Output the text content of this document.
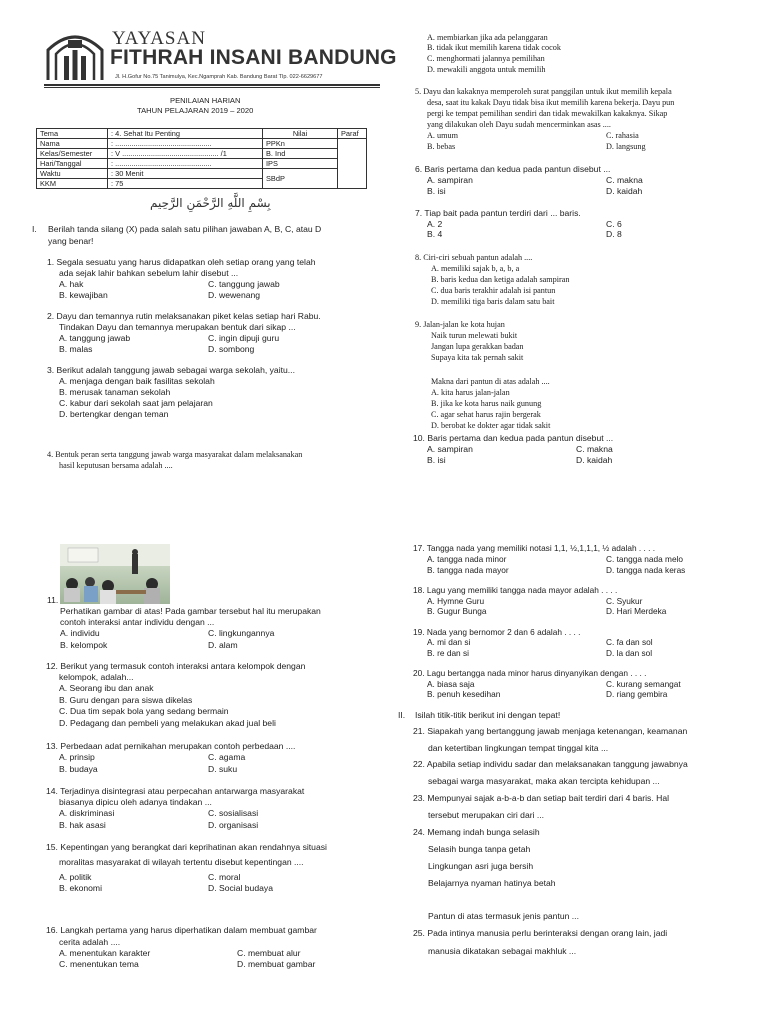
YAYASAN
FITHRAH INSANI BANDUNG
Jl. H.Gofur No.75 Tanimulya, Kec.Ngamprah Kab. Bandung Barat Tlp. 022-6629677
PENILAIAN HARIAN
TAHUN PELAJARAN 2019 – 2020
Tema	: 4. Sehat Itu Penting	Nilai	Paraf
Nama	: ...............................................	PPKn	
Kelas/Semester	: V ............................................... /1	B. Ind	
Hari/Tanggal	: ...............................................	IPS	
Waktu	: 30 Menit	SBdP	
KKM	: 75		
بِسْمِ اللَّهِ الرَّحْمَنِ الرَّحِيم
I. Berilah tanda silang (X) pada salah satu pilihan jawaban A, B, C, atau D
yang benar!
1. Segala sesuatu yang harus didapatkan oleh setiap orang yang telah
ada sejak lahir bahkan sebelum lahir disebut ...
A. hak
B. kewajiban
C. tanggung jawab
D. wewenang
2. Dayu dan temannya rutin melaksanakan piket kelas setiap hari Rabu.
Tindakan Dayu dan temannya merupakan bentuk dari sikap ...
A. tanggung jawab
B. malas
C. ingin dipuji guru
D. sombong
3. Berikut adalah tanggung jawab sebagai warga sekolah, yaitu...
A. menjaga dengan baik fasilitas sekolah
B. merusak tanaman sekolah
C. kabur dari sekolah saat jam pelajaran
D. bertengkar dengan teman
4. Bentuk peran serta tanggung jawab warga masyarakat dalam melaksanakan
hasil keputusan bersama adalah ....
A. membiarkan jika ada pelanggaran
B. tidak ikut memilih karena tidak cocok
C. menghormati jalannya pemilihan
D. mewakili anggota untuk memilih
5. Dayu dan kakaknya memperoleh surat panggilan untuk ikut memilih kepala
desa, saat itu kakak Dayu tidak bisa ikut memilih karena bekerja. Dayu pun
pergi ke tempat pemilihan sendiri dan tidak mewakilkan kakaknya. Sikap
yang dilakukan oleh Dayu sudah mencerminkan asas ....
A. umum
B. bebas
C. rahasia
D. langsung
6. Baris pertama dan kedua pada pantun disebut ...
A. sampiran
B. isi
C. makna
D. kaidah
7. Tiap bait pada pantun terdiri dari ... baris.
A. 2
B. 4
C. 6
D. 8
8. Ciri-ciri sebuah pantun adalah ....
A. memiliki sajak b, a, b, a
B. baris kedua dan ketiga adalah sampiran
C. dua baris terakhir adalah isi pantun
D. memiliki tiga baris dalam satu bait
9. Jalan-jalan ke kota hujan
Naik turun melewati bukit
Jangan lupa gerakkan badan
Supaya kita tak pernah sakit
Makna dari pantun di atas adalah ....
A. kita harus jalan-jalan
B. jika ke kota harus naik gunung
C. agar sehat harus rajin bergerak
D. berobat ke dokter agar tidak sakit
10. Baris pertama dan kedua pada pantun disebut ...
A. sampiran
B. isi
C. makna
D. kaidah
11.
Perhatikan gambar di atas! Pada gambar tersebut hal itu merupakan
contoh interaksi antar individu dengan ...
A. individu
B. kelompok
C. lingkungannya
D. alam
12. Berikut yang termasuk contoh interaksi antara kelompok dengan
kelompok, adalah...
A. Seorang ibu dan anak
B. Guru dengan para siswa dikelas
C. Dua tim sepak bola yang sedang bermain
D. Pedagang dan pembeli yang melakukan akad jual beli
13. Perbedaan adat pernikahan merupakan contoh perbedaan ....
A. prinsip
B. budaya
C. agama
D. suku
14. Terjadinya disintegrasi atau perpecahan antarwarga masyarakat
biasanya dipicu oleh adanya tindakan ...
A. diskriminasi
B. hak asasi
C. sosialisasi
D. organisasi
15. Kepentingan yang berangkat dari keprihatinan akan rendahnya situasi
moralitas masyarakat di wilayah tertentu disebut kepentingan ....
A. politik
B. ekonomi
C. moral
D. Social budaya
16. Langkah pertama yang harus diperhatikan dalam membuat gambar
cerita adalah ....
A. menentukan karakter
C. menentukan tema
C. membuat alur
D. membuat gambar
17. Tangga nada yang memiliki notasi 1,1, ½,1,1,1, ½ adalah . . . .
A. tangga nada minor
B. tangga nada mayor
C. tangga nada melo
D. tangga nada keras
18. Lagu yang memiliki tangga nada mayor adalah . . . .
A. Hymne Guru
B. Gugur Bunga
C. Syukur
D. Hari Merdeka
19. Nada yang bernomor 2 dan 6 adalah . . . .
A. mi dan si
B. re dan si
C. fa dan sol
D. la dan sol
20. Lagu bertangga nada minor harus dinyanyikan dengan . . . .
A. biasa saja
B. penuh kesedihan
C. kurang semangat
D. riang gembira
II. Isilah titik-titik berikut ini dengan tepat!
21. Siapakah yang bertanggung jawab menjaga ketenangan, keamanan
dan ketertiban lingkungan tempat tinggal kita ...
22. Apabila setiap individu sadar dan melaksanakan tanggung jawabnya
sebagai warga masyarakat, maka akan tercipta kehidupan ...
23. Mempunyai sajak a-b-a-b dan setiap bait terdiri dari 4 baris. Hal
tersebut merupakan ciri dari ...
24. Memang indah bunga selasih
Selasih bunga tanpa getah
Lingkungan asri juga bersih
Belajarnya nyaman hatinya betah
Pantun di atas termasuk jenis pantun ...
25. Pada intinya manusia perlu berinteraksi dengan orang lain, jadi
manusia dikatakan sebagai makhluk ...
